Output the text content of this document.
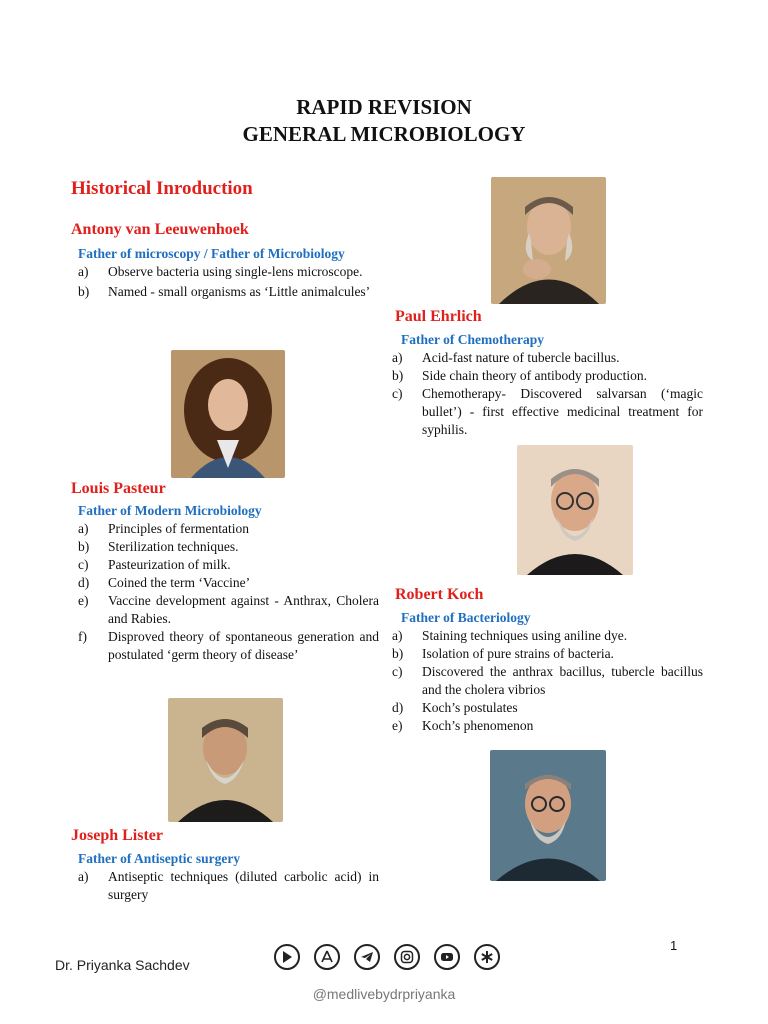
RAPID REVISION
GENERAL MICROBIOLOGY
Historical Inroduction
Antony van Leeuwenhoek
Father of microscopy / Father of Microbiology
a)	Observe bacteria using single-lens microscope.
b)	Named - small organisms as ‘Little animalcules’
Louis Pasteur
Father of Modern Microbiology
a)	Principles of fermentation
b)	Sterilization techniques.
c)	Pasteurization of milk.
d)	Coined the term ‘Vaccine’
e)	Vaccine development against - Anthrax, Cholera and Rabies.
f)	Disproved theory of spontaneous generation and postulated ‘germ theory of disease’
Joseph Lister
Father of Antiseptic surgery
a)	Antiseptic techniques (diluted carbolic acid) in surgery
Paul Ehrlich
Father of Chemotherapy
a)	Acid-fast nature of tubercle bacillus.
b)	Side chain theory of antibody production.
c)	Chemotherapy- Discovered salvarsan (‘magic bullet’) - first effective medicinal treatment for syphilis.
Robert Koch
Father of Bacteriology
a)	Staining techniques using aniline dye.
b)	Isolation of pure strains of bacteria.
c)	Discovered the anthrax bacillus, tubercle bacillus and the cholera vibrios
d)	Koch’s postulates
e)	Koch’s phenomenon
1
Dr. Priyanka Sachdev
@medlivebydrpriyanka
